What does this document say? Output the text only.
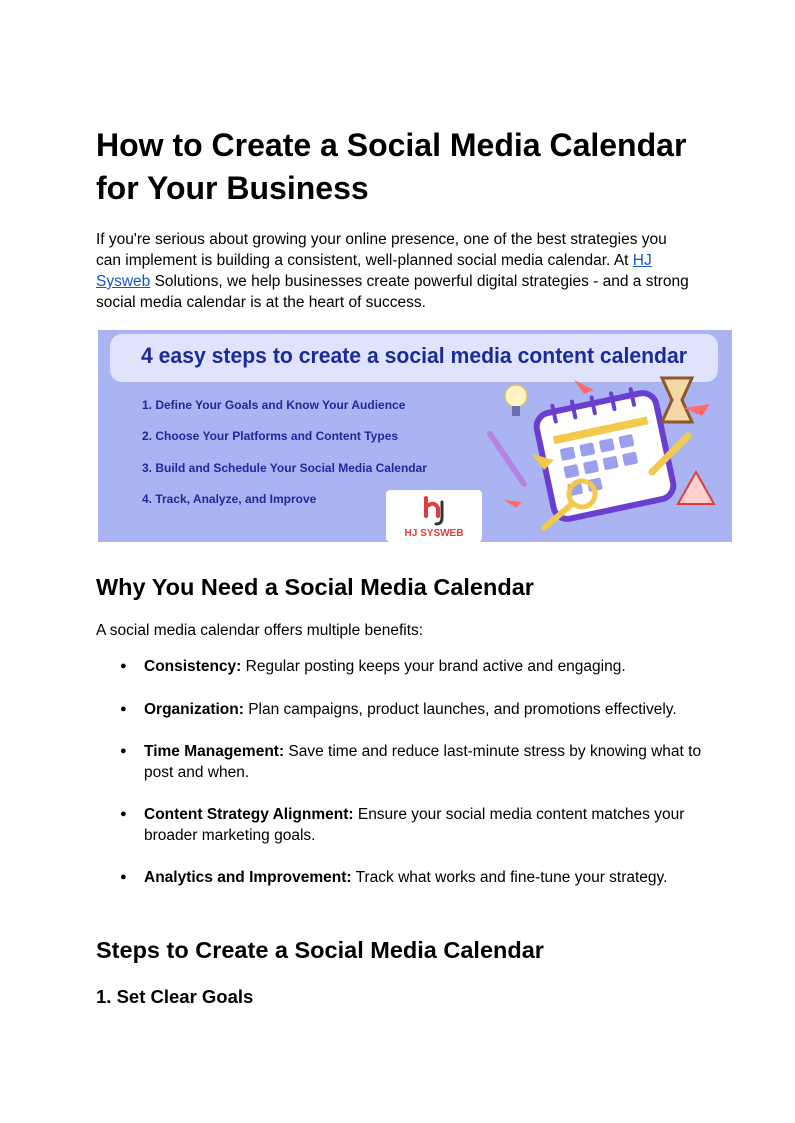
How to Create a Social Media Calendar for Your Business

If you're serious about growing your online presence, one of the best strategies you can implement is building a consistent, well-planned social media calendar. At HJ Sysweb Solutions, we help businesses create powerful digital strategies - and a strong social media calendar is at the heart of success.

4 easy steps to create a social media content calendar
1. Define Your Goals and Know Your Audience
2. Choose Your Platforms and Content Types
3. Build and Schedule Your Social Media Calendar
4. Track, Analyze, and Improve
HJ SYSWEB
Why You Need a Social Media Calendar

A social media calendar offers multiple benefits:

● Consistency: Regular posting keeps your brand active and engaging.
● Organization: Plan campaigns, product launches, and promotions effectively.
● Time Management: Save time and reduce last-minute stress by knowing what to post and when.
● Content Strategy Alignment: Ensure your social media content matches your broader marketing goals.
● Analytics and Improvement: Track what works and fine-tune your strategy.
Steps to Create a Social Media Calendar
1. Set Clear Goals
